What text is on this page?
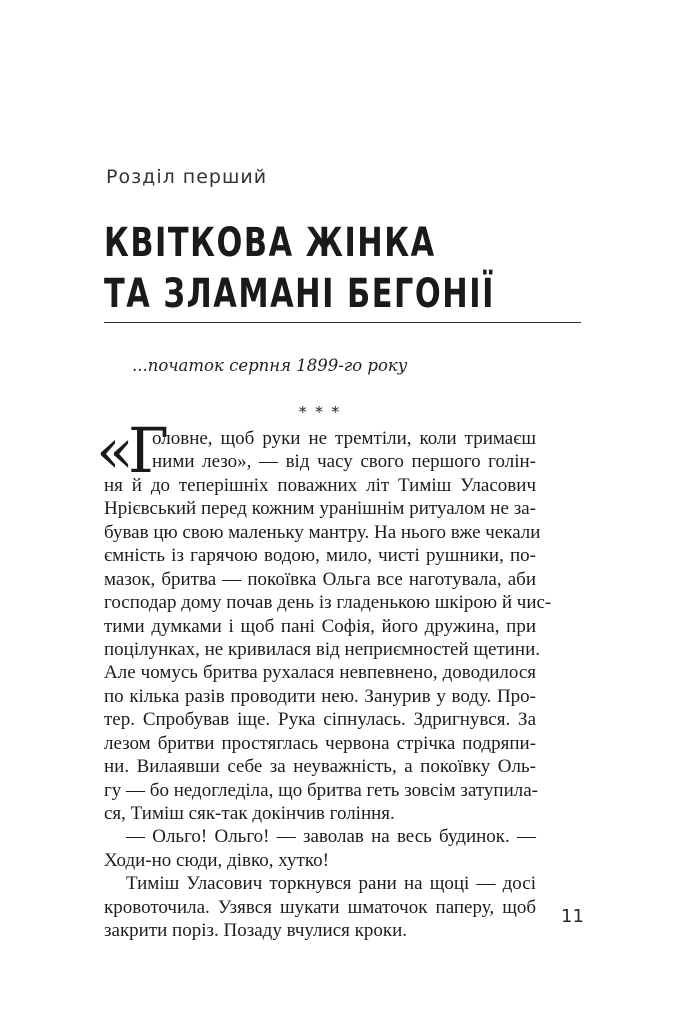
Розділ перший
КВІТКОВА ЖІНКА
ТА ЗЛАМАНІ БЕГОНІЇ
...початок серпня 1899-го року
* * *
«Г
оловне, щоб руки не тремтіли, коли тримаєш
ними лезо», — від часу свого першого голін-
ня й до теперішніх поважних літ Тиміш Уласович
Нрієвський перед кожним уранішнім ритуалом не за-
бував цю свою маленьку мантру. На нього вже чекали
ємність із гарячою водою, мило, чисті рушники, по-
мазок, бритва — покоївка Ольга все наготувала, аби
господар дому почав день із гладенькою шкірою й чис-
тими думками і щоб пані Софія, його дружина, при
поцілунках, не кривилася від неприємностей щетини.
Але чомусь бритва рухалася невпевнено, доводилося
по кілька разів проводити нею. Занурив у воду. Про-
тер. Спробував іще. Рука сіпнулась. Здригнувся. За
лезом бритви простяглась червона стрічка подряпи-
ни. Вилаявши себе за неуважність, а покоївку Оль-
гу — бо недогледіла, що бритва геть зовсім затупила-
ся, Тиміш сяк-так докінчив гоління.
— Ольго! Ольго! — заволав на весь будинок. —
Ходи-но сюди, дівко, хутко!
Тиміш Уласович торкнувся рани на щоці — досі
кровоточила. Узявся шукати шматочок паперу, щоб
закрити поріз. Позаду вчулися кроки.
11
